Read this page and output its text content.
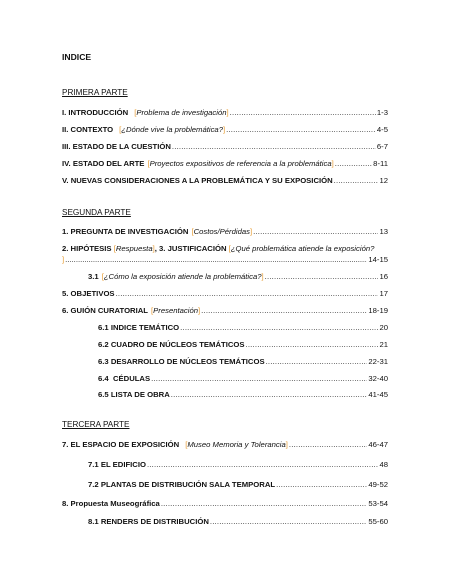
INDICE
PRIMERA PARTE
I. INTRODUCCIÓN [ Problema de investigación ] .....	1-3
II. CONTEXTO [ ¿Dónde vive la problemática? ] .....	4-5
III. ESTADO DE LA CUESTIÓN .....	6-7
IV. ESTADO DEL ARTE [ Proyectos expositivos de referencia a la problemática ] .....	8-11
V. NUEVAS CONSIDERACIONES A LA PROBLEMÁTICA Y SU EXPOSICIÓN .....	12
SEGUNDA PARTE
1. PREGUNTA DE INVESTIGACIÓN [ Costos/Pérdidas ] .....	13
2. HIPÓTESIS [Respuesta], 3. JUSTIFICACIÓN [¿Qué problemática atiende la exposición?
] .....	14-15
3.1 [ ¿Cómo la exposición atiende la problemática? ] .....	16
5. OBJETIVOS .....	17
6. GUIÓN CURATORIAL [ Presentación ] .....	18-19
6.1 INDICE TEMÁTICO .....	20
6.2 CUADRO DE NÚCLEOS TEMÁTICOS .....	21
6.3 DESARROLLO DE NÚCLEOS TEMÁTICOS .....	22-31
6.4  CÉDULAS .....	32-40
6.5 LISTA DE OBRA .....	41-45
TERCERA PARTE
7. EL ESPACIO DE EXPOSICIÓN [ Museo Memoria y Tolerancia ] .....	46-47
7.1 EL EDIFICIO .....	48
7.2 PLANTAS DE DISTRIBUCIÓN SALA TEMPORAL .....	49-52
8. Propuesta Museográfica .....	53-54
8.1 RENDERS DE DISTRIBUCIÓN .....	55-60
